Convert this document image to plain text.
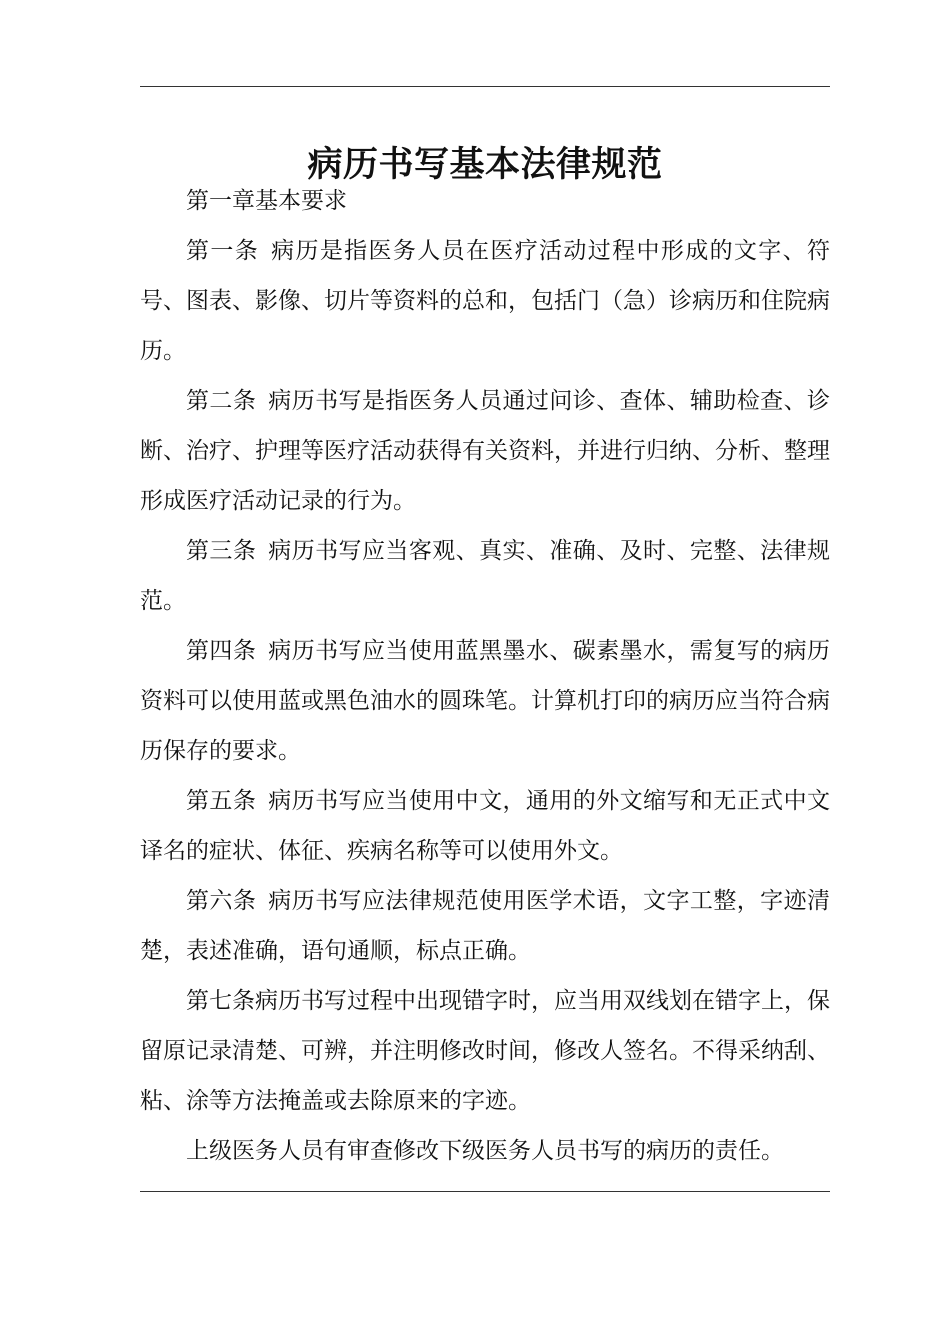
病历书写基本法律规范

第一章基本要求

第一条 病历是指医务人员在医疗活动过程中形成的文字、符号、图表、影像、切片等资料的总和，包括门（急）诊病历和住院病历。

第二条 病历书写是指医务人员通过问诊、查体、辅助检查、诊断、治疗、护理等医疗活动获得有关资料，并进行归纳、分析、整理形成医疗活动记录的行为。

第三条 病历书写应当客观、真实、准确、及时、完整、法律规范。

第四条 病历书写应当使用蓝黑墨水、碳素墨水，需复写的病历资料可以使用蓝或黑色油水的圆珠笔。计算机打印的病历应当符合病历保存的要求。

第五条 病历书写应当使用中文，通用的外文缩写和无正式中文译名的症状、体征、疾病名称等可以使用外文。

第六条 病历书写应法律规范使用医学术语，文字工整，字迹清楚，表述准确，语句通顺，标点正确。

第七条病历书写过程中出现错字时，应当用双线划在错字上，保留原记录清楚、可辨，并注明修改时间，修改人签名。不得采纳刮、粘、涂等方法掩盖或去除原来的字迹。

上级医务人员有审查修改下级医务人员书写的病历的责任。
